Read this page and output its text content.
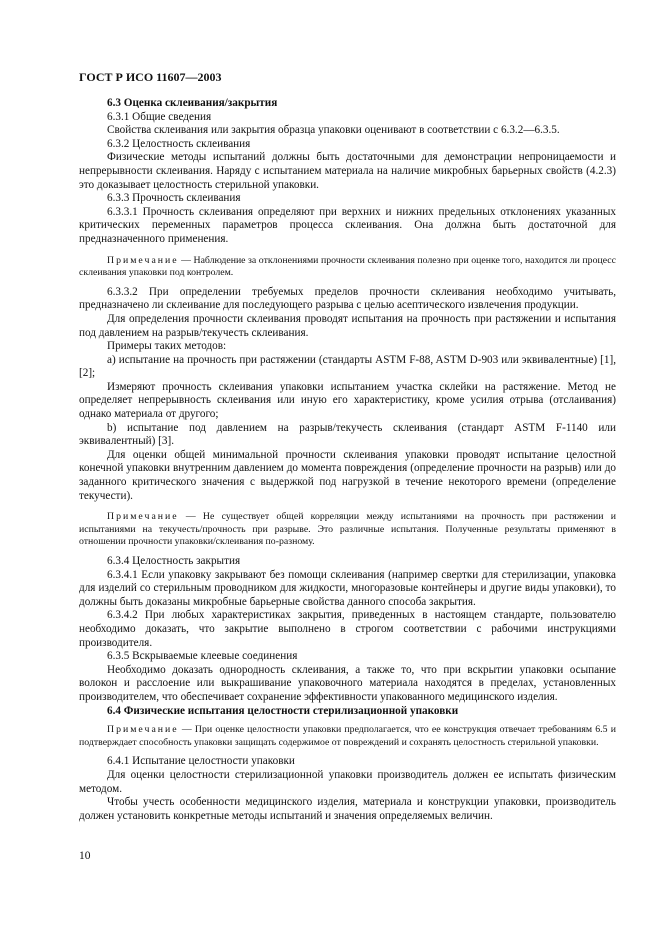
ГОСТ Р ИСО 11607—2003

6.3 Оценка склеивания/закрытия

6.3.1 Общие сведения

Свойства склеивания или закрытия образца упаковки оценивают в соответствии с 6.3.2—6.3.5.

6.3.2 Целостность склеивания

Физические методы испытаний должны быть достаточными для демонстрации непроницаемости и непрерывности склеивания. Наряду с испытанием материала на наличие микробных барьерных свойств (4.2.3) это доказывает целостность стерильной упаковки.

6.3.3 Прочность склеивания

6.3.3.1 Прочность склеивания определяют при верхних и нижних предельных отклонениях указанных критических переменных параметров процесса склеивания. Она должна быть достаточной для предназначенного применения.

Примечание — Наблюдение за отклонениями прочности склеивания полезно при оценке того, находится ли процесс склеивания упаковки под контролем.

6.3.3.2 При определении требуемых пределов прочности склеивания необходимо учитывать, предназначено ли склеивание для последующего разрыва с целью асептического извлечения продукции.

Для определения прочности склеивания проводят испытания на прочность при растяжении и испытания под давлением на разрыв/текучесть склеивания.

Примеры таких методов:

а) испытание на прочность при растяжении (стандарты ASTM F-88, ASTM D-903 или эквивалентные) [1], [2];

Измеряют прочность склеивания упаковки испытанием участка склейки на растяжение. Метод не определяет непрерывность склеивания или иную его характеристику, кроме усилия отрыва (отслаивания) однако материала от другого;

b) испытание под давлением на разрыв/текучесть склеивания (стандарт ASTM F-1140 или эквивалентный) [3].

Для оценки общей минимальной прочности склеивания упаковки проводят испытание целостной конечной упаковки внутренним давлением до момента повреждения (определение прочности на разрыв) или до заданного критического значения с выдержкой под нагрузкой в течение некоторого времени (определение текучести).

Примечание — Не существует общей корреляции между испытаниями на прочность при растяжении и испытаниями на текучесть/прочность при разрыве. Это различные испытания. Полученные результаты применяют в отношении прочности упаковки/склеивания по-разному.

6.3.4 Целостность закрытия

6.3.4.1 Если упаковку закрывают без помощи склеивания (например свертки для стерилизации, упаковка для изделий со стерильным проводником для жидкости, многоразовые контейнеры и другие виды упаковки), то должны быть доказаны микробные барьерные свойства данного способа закрытия.

6.3.4.2 При любых характеристиках закрытия, приведенных в настоящем стандарте, пользователю необходимо доказать, что закрытие выполнено в строгом соответствии с рабочими инструкциями производителя.

6.3.5 Вскрываемые клеевые соединения

Необходимо доказать однородность склеивания, а также то, что при вскрытии упаковки осыпание волокон и расслоение или выкрашивание упаковочного материала находятся в пределах, установленных производителем, что обеспечивает сохранение эффективности упакованного медицинского изделия.

6.4 Физические испытания целостности стерилизационной упаковки

Примечание — При оценке целостности упаковки предполагается, что ее конструкция отвечает требованиям 6.5 и подтверждает способность упаковки защищать содержимое от повреждений и сохранять целостность стерильной упаковки.

6.4.1 Испытание целостности упаковки

Для оценки целостности стерилизационной упаковки производитель должен ее испытать физическим методом.

Чтобы учесть особенности медицинского изделия, материала и конструкции упаковки, производитель должен установить конкретные методы испытаний и значения определяемых величин.

10
